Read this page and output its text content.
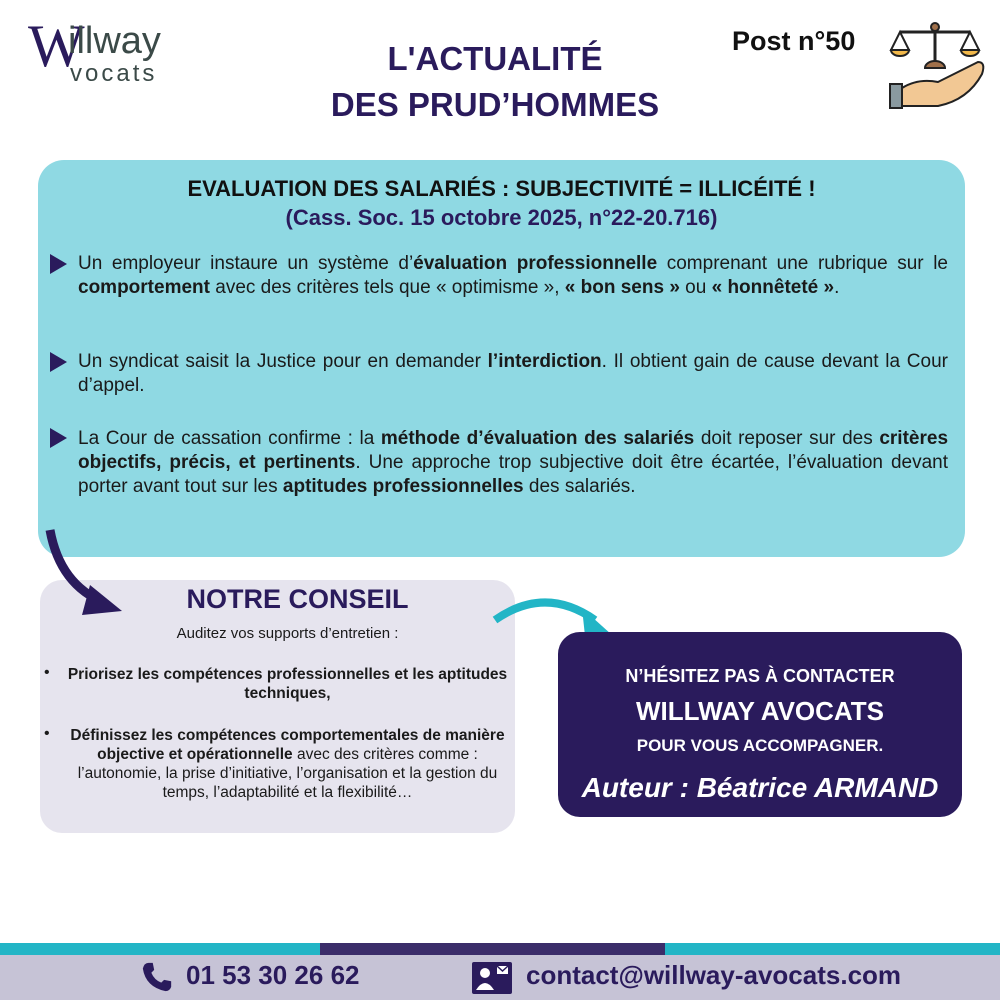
W
illway
vocats	L'ACTUALITÉ
DES PRUD’HOMMES
Post n°50
EVALUATION DES SALARIÉS : SUBJECTIVITÉ = ILLICÉITÉ !
(Cass. Soc. 15 octobre 2025, n°22-20.716)
Un employeur instaure un système d’évaluation professionnelle comprenant une rubrique sur le comportement avec des critères tels que « optimisme », « bon sens » ou « honnêteté ».
Un syndicat saisit la Justice pour en demander l’interdiction. Il obtient gain de cause devant la Cour d’appel.
La Cour de cassation confirme : la méthode d’évaluation des salariés doit reposer sur des critères objectifs, précis, et pertinents. Une approche trop subjective doit être écartée, l’évaluation devant porter avant tout sur les aptitudes professionnelles des salariés.
NOTRE CONSEIL
Auditez vos supports d’entretien :
• Priorisez les compétences professionnelles et les aptitudes techniques,
•	Définissez les compétences comportementales de manière objective et opérationnelle avec des critères comme : l’autonomie, la prise d’initiative, l’organisation et la gestion du temps, l’adaptabilité et la flexibilité…
N’HÉSITEZ PAS À CONTACTER
WILLWAY AVOCATS
POUR VOUS ACCOMPAGNER.
Auteur : Béatrice ARMAND
01 53 30 26 62	contact@willway-avocats.com
